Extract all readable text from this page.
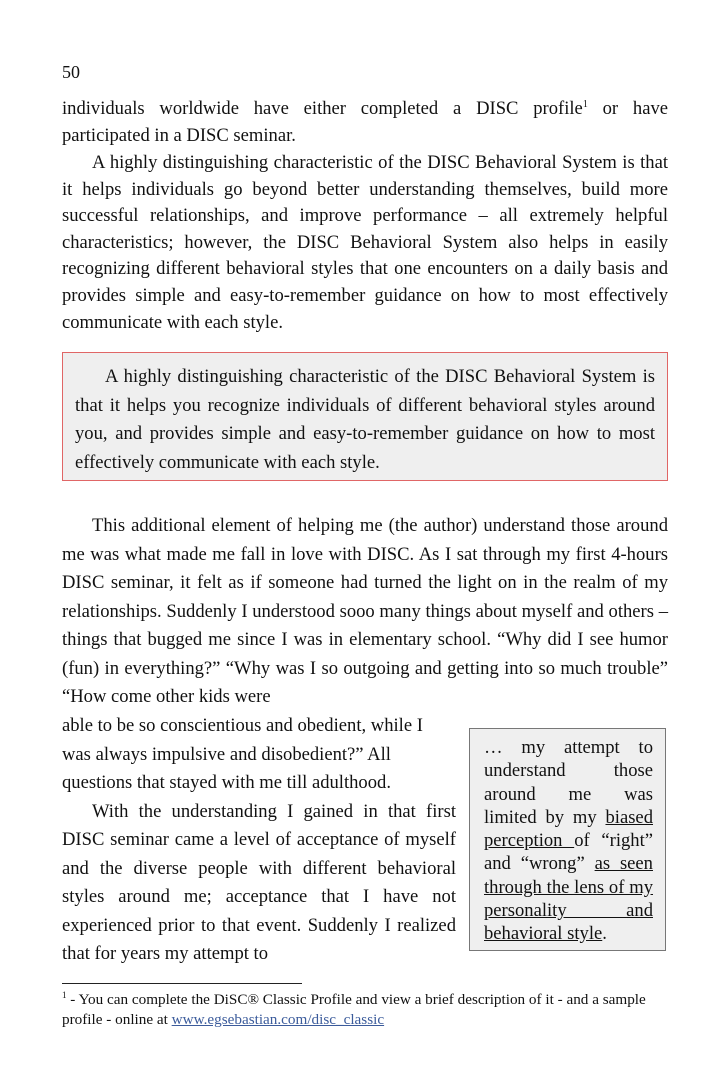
50
individuals worldwide have either completed a DISC profile$^1$ or have participated in a DISC seminar.
A highly distinguishing characteristic of the DISC Behavioral System is that it helps individuals go beyond better understanding themselves, build more successful relationships, and improve performance – all extremely helpful characteristics; however, the DISC Behavioral System also helps in easily recognizing different behavioral styles that one encounters on a daily basis and provides simple and easy-to-remember guidance on how to most effectively communicate with each style.

A highly distinguishing characteristic of the DISC Behavioral System is that it helps you recognize individuals of different behavioral styles around you, and provides simple and easy-to-remember guidance on how to most effectively communicate with each style.

This additional element of helping me (the author) understand those around me was what made me fall in love with DISC. As I sat through my first 4-hours DISC seminar, it felt as if someone had turned the light on in the realm of my relationships. Suddenly I understood sooo many things about myself and others – things that bugged me since I was in elementary school. “Why did I see humor (fun) in everything?” “Why was I so outgoing and getting into so much trouble” “How come other kids were
able to be so conscientious and obedient, while I
was always impulsive and disobedient?” All
questions that stayed with me till adulthood.
With the understanding I gained in that first DISC seminar came a level of acceptance of myself and the diverse people with different behavioral styles around me; acceptance that I have not experienced prior to that event. Suddenly I realized that for years my attempt to
… my attempt to understand those around me was limited by my biased perception of “right” and “wrong” as seen through the lens of my personality and behavioral style.
$^1$ - You can complete the DiSC® Classic Profile and view a brief description of it - and a sample profile - online at www.egsebastian.com/disc_classic
